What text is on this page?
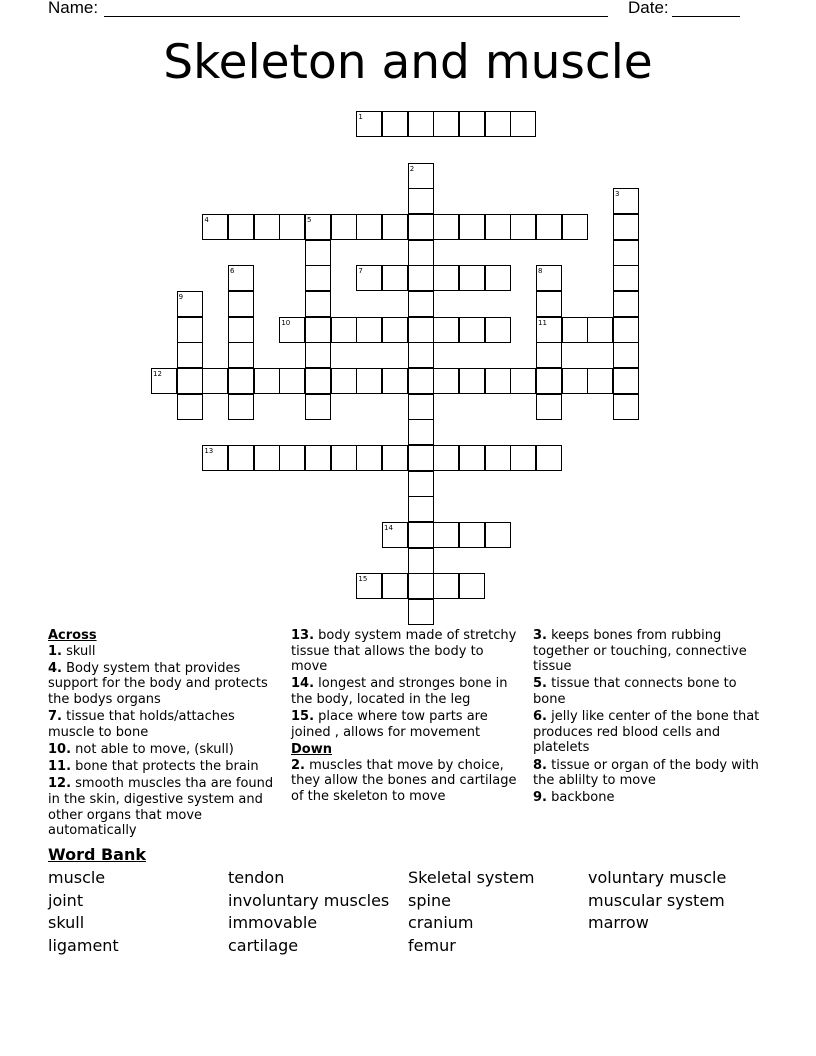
Name:	Date:
Skeleton and muscle
1
2
3
4	5
6	7	8
9
10	11
12
13
14
15
Across
1. skull
4. Body system that provides support for the body and protects the bodys organs
7. tissue that holds/attaches muscle to bone
10. not able to move, (skull)
11. bone that protects the brain
12. smooth muscles tha are found in the skin, digestive system and other organs that move automatically
13. body system made of stretchy tissue that allows the body to move
14. longest and stronges bone in the body, located in the leg
15. place where tow parts are joined , allows for movement
Down
2. muscles that move by choice, they allow the bones and cartilage of the skeleton to move
3. keeps bones from rubbing together or touching, connective tissue
5. tissue that connects bone to bone
6. jelly like center of the bone that produces red blood cells and platelets
8. tissue or organ of the body with the ablilty to move
9. backbone
Word Bank
muscle
joint
skull
ligament
tendon
involuntary muscles
immovable
cartilage
Skeletal system
spine
cranium
femur
voluntary muscle
muscular system
marrow
